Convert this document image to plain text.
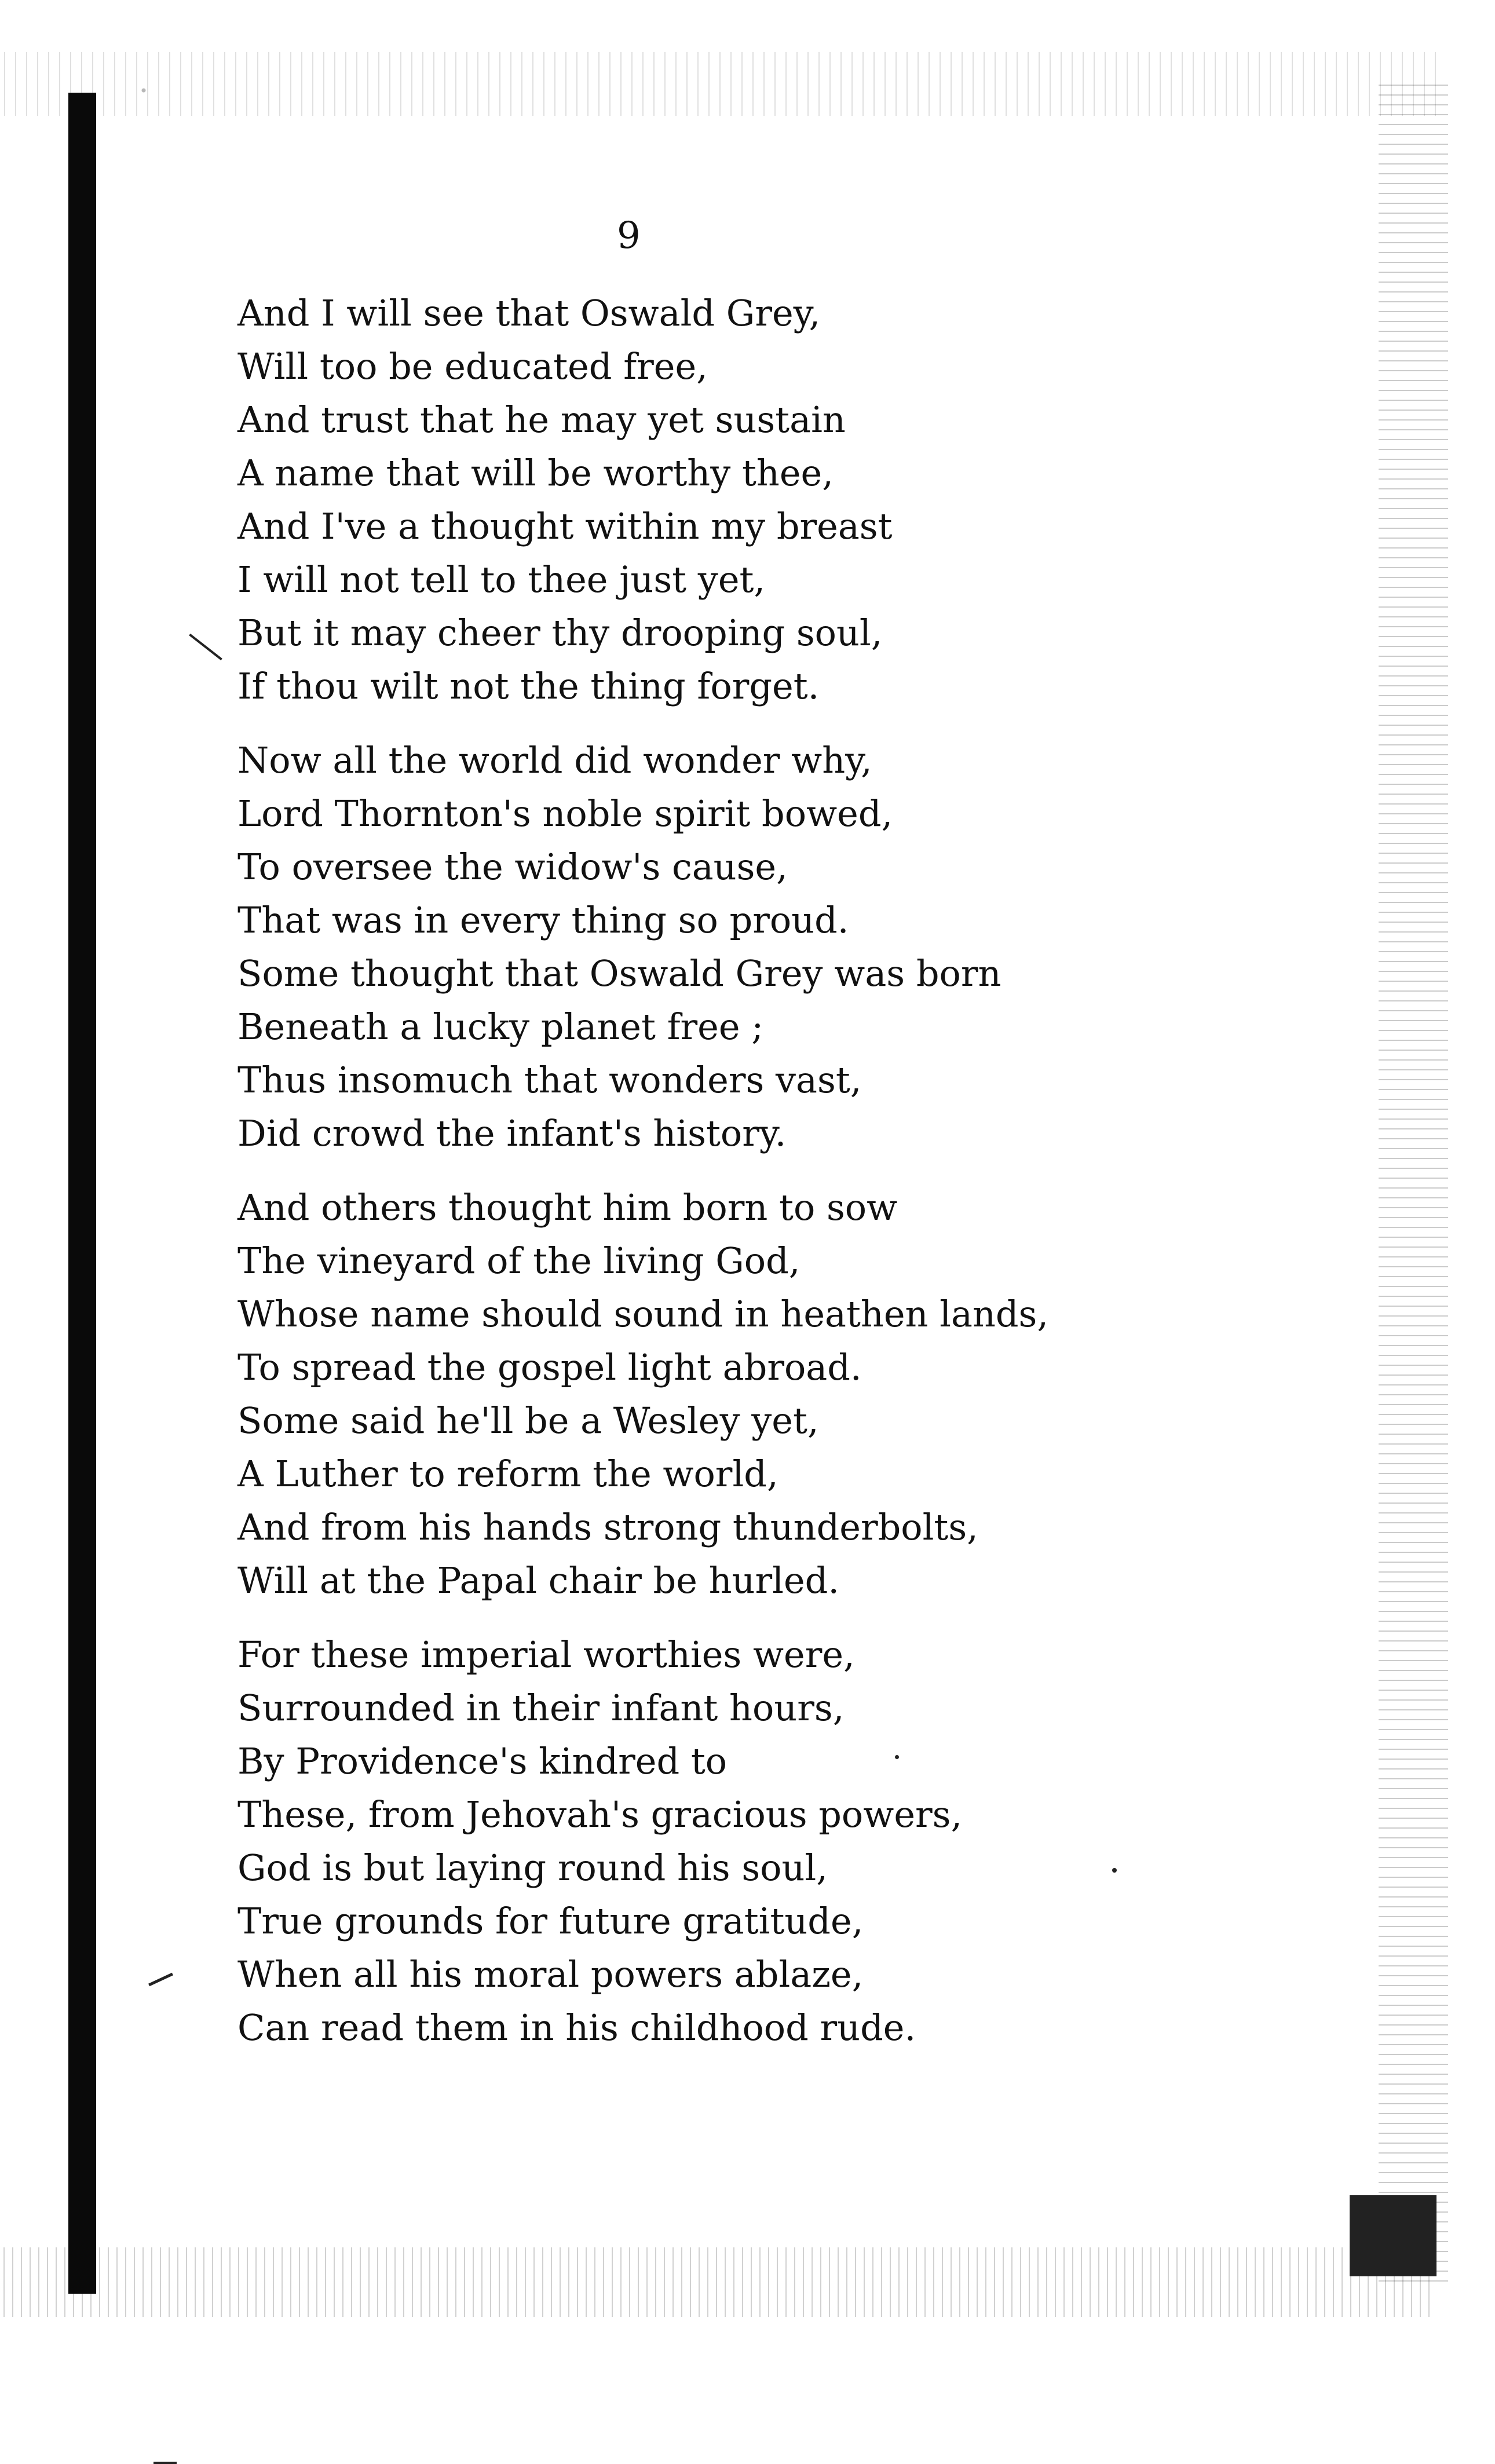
9
And I will see that Oswald Grey,
Will too be educated free,
And trust that he may yet sustain
A name that will be worthy thee,
And I've a thought within my breast
I will not tell to thee just yet,
But it may cheer thy drooping soul,
If thou wilt not the thing forget.
Now all the world did wonder why,
Lord Thornton's noble spirit bowed,
To oversee the widow's cause,
That was in every thing so proud.
Some thought that Oswald Grey was born
Beneath a lucky planet free ;
Thus insomuch that wonders vast,
Did crowd the infant's history.
And others thought him born to sow
The vineyard of the living God,
Whose name should sound in heathen lands,
To spread the gospel light abroad.
Some said he'll be a Wesley yet,
A Luther to reform the world,
And from his hands strong thunderbolts,
Will at the Papal chair be hurled.
For these imperial worthies were,
Surrounded in their infant hours,
By Providence's kindred to
These, from Jehovah's gracious powers,
God is but laying round his soul,
True grounds for future gratitude,
When all his moral powers ablaze,
Can read them in his childhood rude.
